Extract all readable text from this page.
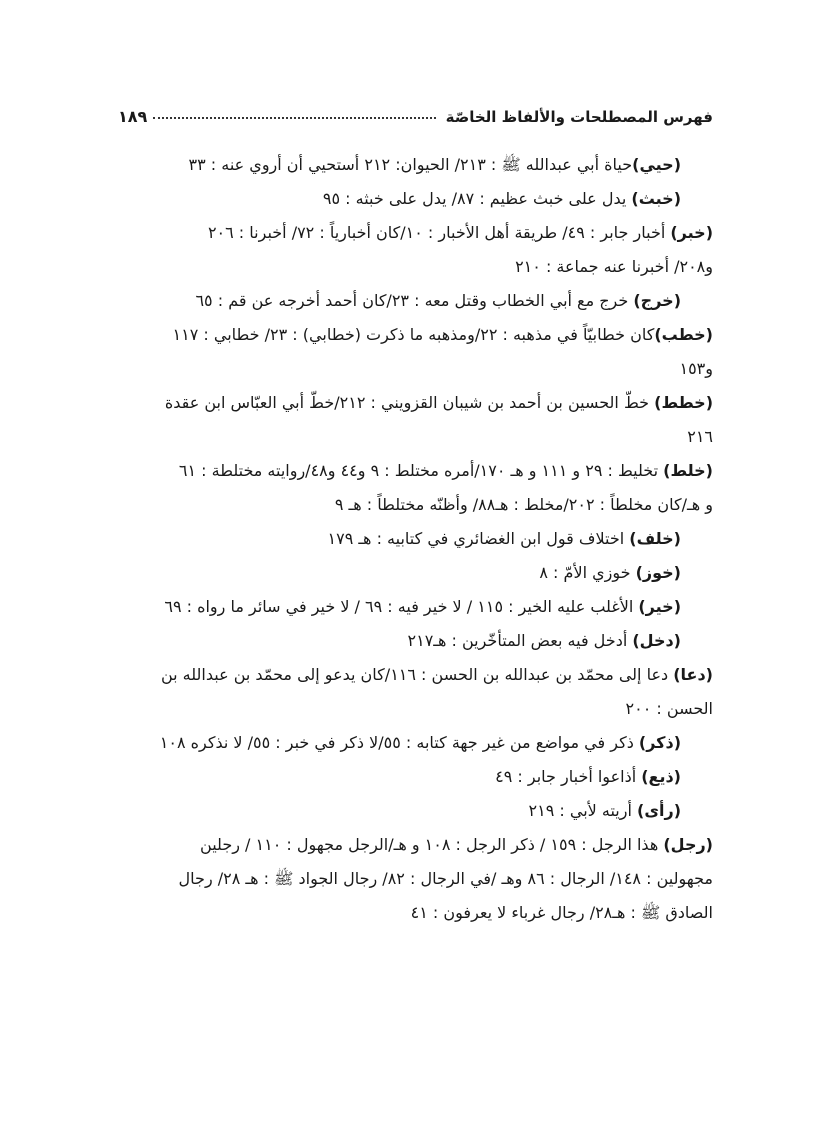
فهرس المصطلحات والألفاظ الخاصّة
١٨٩
(حيي)حياة أبي عبدالله ﷺ : ٢١٣/ الحيوان: ٢١٢ أستحيي أن أروي عنه : ٣٣
(خبث) يدل على خبث عظيم : ٨٧/ يدل على خبثه : ٩٥
(خبر) أخبار جابر : ٤٩/ طريقة أهل الأخبار : ١٠/كان أخبارياً : ٧٢/ أخبرنا : ٢٠٦
و٢٠٨/ أخبرنا عنه جماعة : ٢١٠
(خرج) خرج مع أبي الخطاب وقتل معه : ٢٣/كان أحمد أخرجه عن قم : ٦٥
(خطب)كان خطابيّاً في مذهبه : ٢٢/ومذهبه ما ذكرت (خطابي) : ٢٣/ خطابي : ١١٧
و١٥٣
(خطط) خطّ الحسين بن أحمد بن شيبان القزويني : ٢١٢/خطّ أبي العبّاس ابن عقدة
٢١٦
(خلط) تخليط : ٢٩ و ١١١ و هـ ١٧٠/أمره مختلط : ٩ و٤٤ و٤٨/روايته مختلطة : ٦١
و هـ/كان مخلطاً : ٢٠٢/مخلط : هـ٨٨/ وأظنّه مختلطاً : هـ ٩
(خلف) اختلاف قول ابن الغضائري في كتابيه : هـ ١٧٩
(خوز) خوزي الأمّ : ٨
(خير) الأغلب عليه الخير : ١١٥ / لا خير فيه : ٦٩ / لا خير في سائر ما رواه : ٦٩
(دخل) أدخل فيه بعض المتأخّرين : هـ٢١٧
(دعا) دعا إلى محمّد بن عبدالله بن الحسن : ١١٦/كان يدعو إلى محمّد بن عبدالله بن
الحسن : ٢٠٠
(ذكر) ذكر في مواضع من غير جهة كتابه : ٥٥/لا ذكر في خبر : ٥٥/ لا نذكره ١٠٨
(ذيع) أذاعوا أخبار جابر : ٤٩
(رأى) أريته لأبي : ٢١٩
(رجل) هذا الرجل : ١٥٩ / ذكر الرجل : ١٠٨ و هـ/الرجل مجهول : ١١٠ / رجلين
مجهولين : ١٤٨/ الرجال : ٨٦ وهـ /في الرجال : ٨٢/ رجال الجواد ﷺ : هـ ٢٨/ رجال
الصادق ﷺ : هـ٢٨/ رجال غرباء لا يعرفون : ٤١
